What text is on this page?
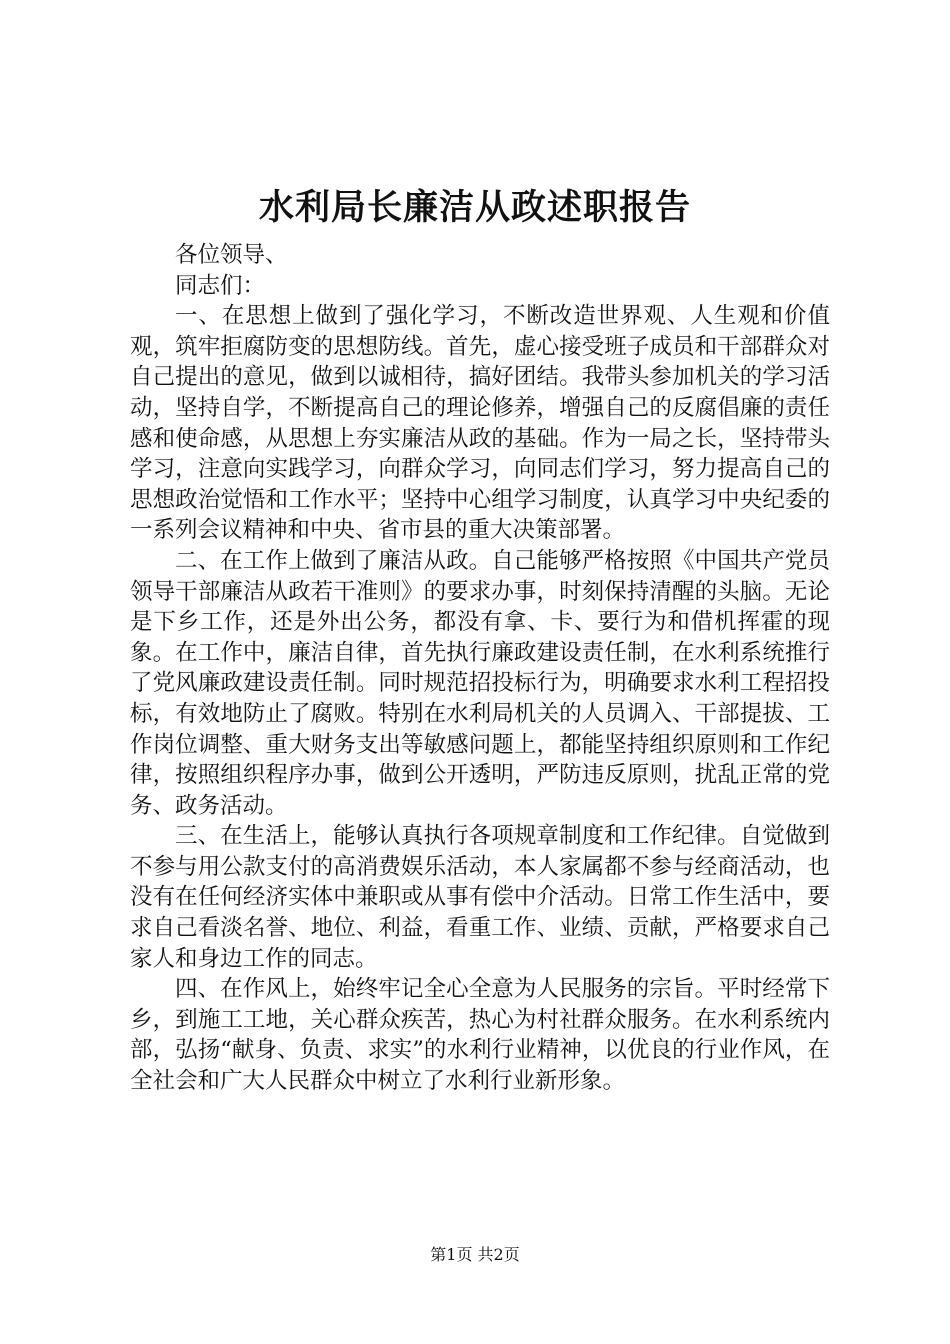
水利局长廉洁从政述职报告

各位领导、

同志们：

一、在思想上做到了强化学习，不断改造世界观、人生观和价值观，筑牢拒腐防变的思想防线。首先，虚心接受班子成员和干部群众对自己提出的意见，做到以诚相待，搞好团结。我带头参加机关的学习活动，坚持自学，不断提高自己的理论修养，增强自己的反腐倡廉的责任感和使命感，从思想上夯实廉洁从政的基础。作为一局之长，坚持带头学习，注意向实践学习，向群众学习，向同志们学习，努力提高自己的思想政治觉悟和工作水平；坚持中心组学习制度，认真学习中央纪委的一系列会议精神和中央、省市县的重大决策部署。

二、在工作上做到了廉洁从政。自己能够严格按照《中国共产党员领导干部廉洁从政若干准则》的要求办事，时刻保持清醒的头脑。无论是下乡工作，还是外出公务，都没有拿、卡、要行为和借机挥霍的现象。在工作中，廉洁自律，首先执行廉政建设责任制，在水利系统推行了党风廉政建设责任制。同时规范招投标行为，明确要求水利工程招投标，有效地防止了腐败。特别在水利局机关的人员调入、干部提拔、工作岗位调整、重大财务支出等敏感问题上，都能坚持组织原则和工作纪律，按照组织程序办事，做到公开透明，严防违反原则，扰乱正常的党务、政务活动。

三、在生活上，能够认真执行各项规章制度和工作纪律。自觉做到不参与用公款支付的高消费娱乐活动，本人家属都不参与经商活动，也没有在任何经济实体中兼职或从事有偿中介活动。日常工作生活中，要求自己看淡名誉、地位、利益，看重工作、业绩、贡献，严格要求自己家人和身边工作的同志。

四、在作风上，始终牢记全心全意为人民服务的宗旨。平时经常下乡，到施工工地，关心群众疾苦，热心为村社群众服务。在水利系统内部，弘扬“献身、负责、求实”的水利行业精神，以优良的行业作风，在全社会和广大人民群众中树立了水利行业新形象。

第1页 共2页
